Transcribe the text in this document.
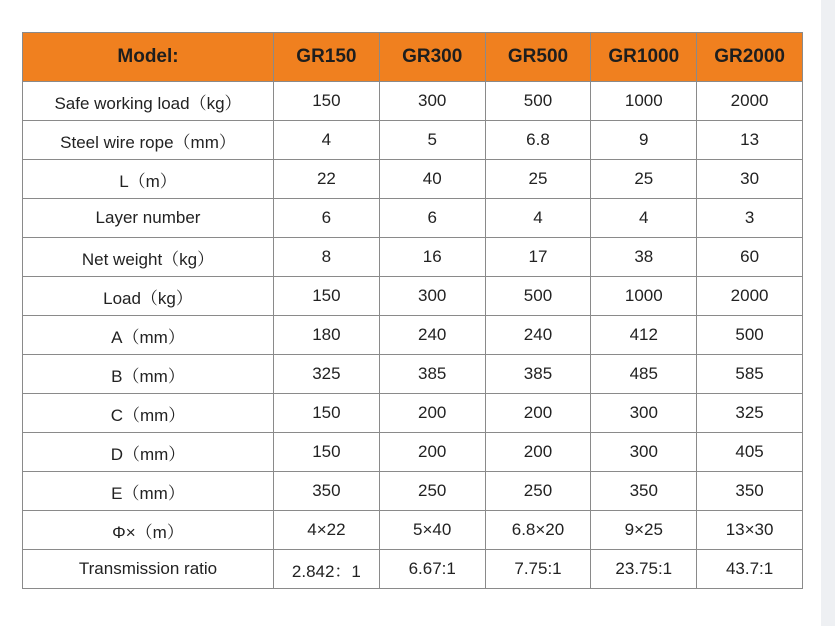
Model:	GR150	GR300	GR500	GR1000	GR2000
Safe working load（kg）	150	300	500	1000	2000
Steel wire rope（mm）	4	5	6.8	9	13
L（m）	22	40	25	25	30
Layer number	6	6	4	4	3
Net weight（kg）	8	16	17	38	60
Load（kg）	150	300	500	1000	2000
A（mm）	180	240	240	412	500
B（mm）	325	385	385	485	585
C（mm）	150	200	200	300	325
D（mm）	150	200	200	300	405
E（mm）	350	250	250	350	350
Φ×（m）	4×22	5×40	6.8×20	9×25	13×30
Transmission ratio	2.842：1	6.67:1	7.75:1	23.75:1	43.7:1
